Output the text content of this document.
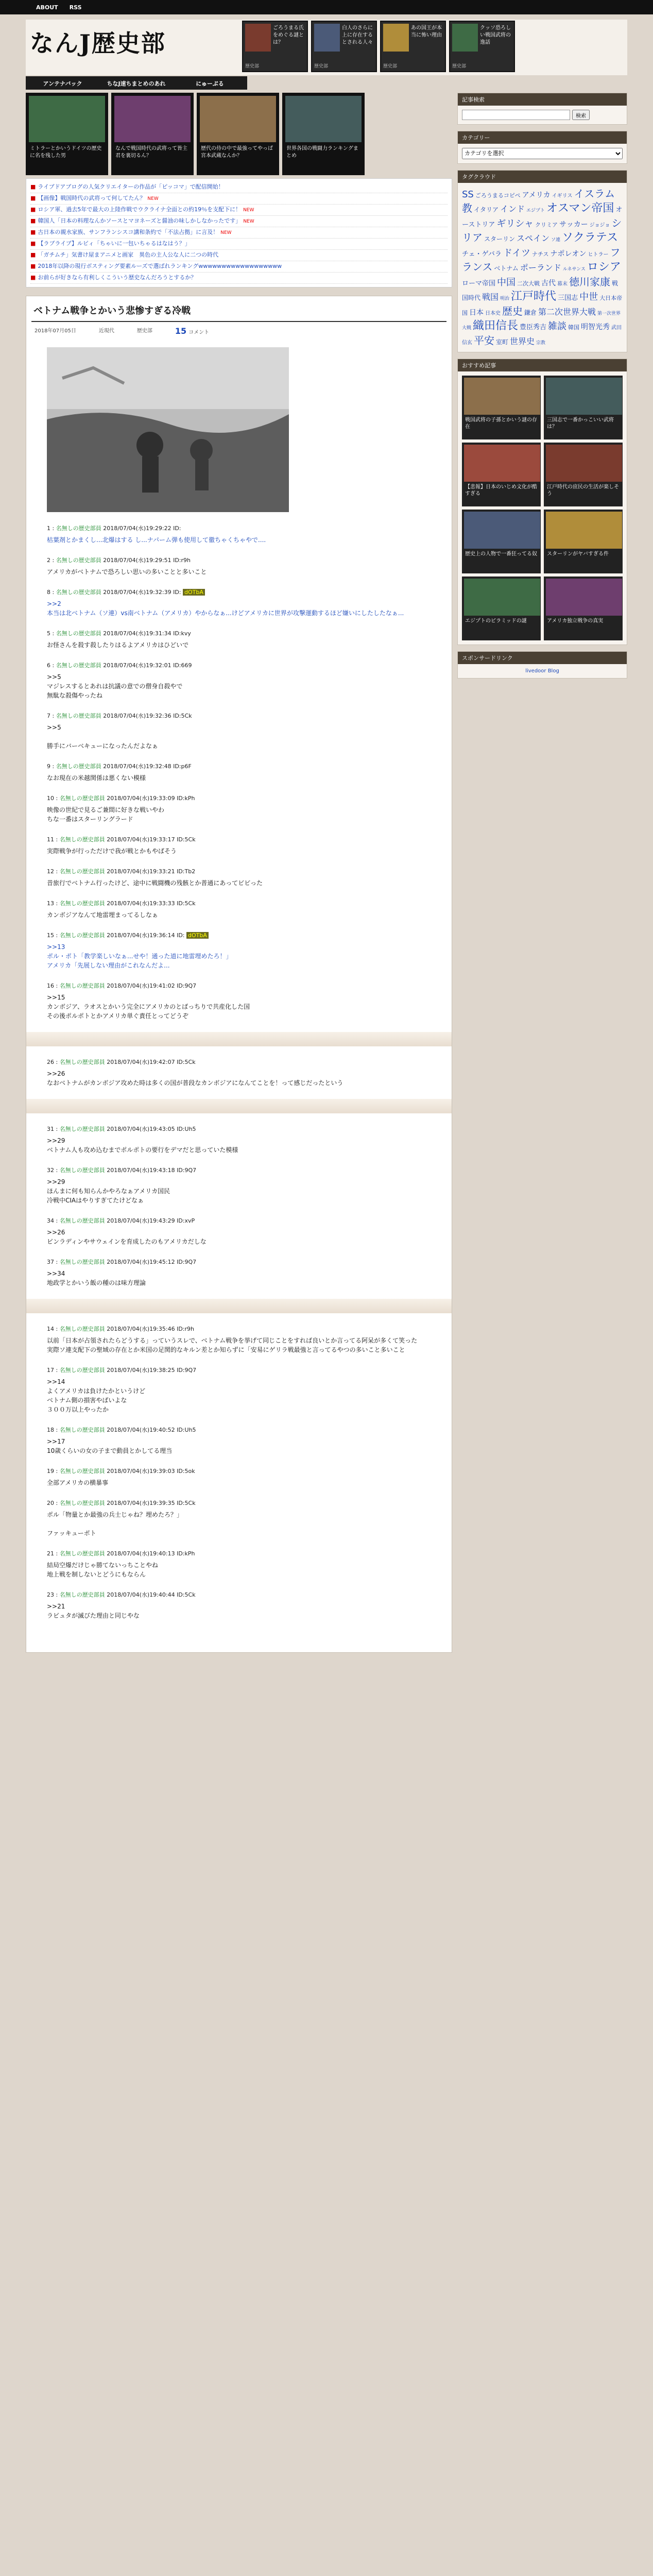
ABOUT RSS
なんJ歴史部
ごろうまる氏をめぐる謎とは？
歴史部
白人のさらに上に存在するとされる人々
歴史部
あの国王が本当に怖い理由
歴史部
クッソ恐ろしい戦国武将の逸話
歴史部
アンテナバック	ちなJ速ちまとめのあれ	にゅーぷる
ミトラーとかいうドイツの歴史に名を残した男
なんで戦国時代の武将って皆主君を裏切るん？
歴代の侍の中で最強ってやっぱ宮本武蔵なんか？
世界各国の戦闘力ランキングまとめ
■ ライブドアブログの人気クリエイターの作品が「ピッコマ」で配信開始！
■ 【画像】戦国時代の武将って何してたん？ NEW
■ ロシア軍、過去5年で最大の上陸作戦でウクライナ全面との約19％を支配下に！ NEW
■ 韓国人「日本の料理なんかソースとマヨネーズと醤油の味しかしなかったです」 NEW
■ 古日本の親水家族、サンフランシスコ講和条約で「不法占拠」に言及！ NEW
■ 【ラブライブ】ルビィ「ちゃいに一包いちゃるはなはう？」
■ 「ガチムチ」気書け屋まアニメと画家　異色の主人公な人に二つの時代
■ 2018年以降の現行ボスティング要素ルーズで選ばれランキングwwwwwwwwwwwwwwwwww
■ お前らが好きなら有利しくこういう歴史なんだろうとするか？
ベトナム戦争とかいう悲惨すぎる冷戦
2018年07月05日	近現代	歴史部	15 コメント
1 : 名無しの歴史部員 2018/07/04(水)19:29:22 ID:
枯葉剤とかまくし...北爆はする し...ナパーム弾も使用して徹ちゃくちゃやで....
2 : 名無しの歴史部員 2018/07/04(水)19:29:51 ID:r9h
アメリカがベトナムで恐ろしい思いの多いことと多いこと
8 : 名無しの歴史部員 2018/07/04(水)19:32:39 ID: dOTbA
>>2
本当は北ベトナム（ソ連）vs南ベトナム（アメリカ）やからなぁ...けどアメリカに世界が攻撃運動するほど嫌いにしたしたなぁ...
5 : 名無しの歴史部員 2018/07/04(水)19:31:34 ID:kvy
お怪さんを殺す殺したりはるよアメリカはひどいで
6 : 名無しの歴史部員 2018/07/04(水)19:32:01 ID:669
>>5
マジレスするとあれは抗議の意での僧身自殺やで
無駄な殺傷やったね
7 : 名無しの歴史部員 2018/07/04(水)19:32:36 ID:5Ck
>>5

勝手にバーベキューになったんだよなぁ
9 : 名無しの歴史部員 2018/07/04(水)19:32:48 ID:p6F
なお現在の米越関係は悪くない模様
10 : 名無しの歴史部員 2018/07/04(水)19:33:09 ID:kPh
映像の世紀で見るご兼間に好きな戦いやわ
ちな一番はスターリングラード
11 : 名無しの歴史部員 2018/07/04(水)19:33:17 ID:5Ck
実際戦争が行っただけで我が戦とかもやばそう
12 : 名無しの歴史部員 2018/07/04(水)19:33:21 ID:Tb2
昔旅行でベトナム行ったけど、途中に戦闘機の残骸とか普通にあってビビった
13 : 名無しの歴史部員 2018/07/04(水)19:33:33 ID:5Ck
カンボジアなんて地雷埋まってるしなぁ
15 : 名無しの歴史部員 2018/07/04(水)19:36:14 ID: dOTbA
>>13
ポル・ポト「教学楽しいなぁ...せや！通った道に地雷埋めたろ！」
アメリカ「先展しない理由がこれなんだよ...
16 : 名無しの歴史部員 2018/07/04(水)19:41:02 ID:9Q7
>>15
カンボジア、ラオスとかいう完全にアメリカのとばっちりで共産化した国
その後ポルポトとかアメリカ単ぐ責任とってどうぞ
26 : 名無しの歴史部員 2018/07/04(水)19:42:07 ID:5Ck
>>26
なおベトナムがカンボジア攻めた時は多くの国が普段なカンボジアになんてことを！って感じだったという
31 : 名無しの歴史部員 2018/07/04(水)19:43:05 ID:Uh5
>>29
ベトナム人も攻め込むまでポルポトの要行をデマだと思っていた模様
32 : 名無しの歴史部員 2018/07/04(水)19:43:18 ID:9Q7
>>29
ほんまに何も知らんかやろなぁアメリカ国民
冷戦中CIAはやりすぎてたけどなぁ
34 : 名無しの歴史部員 2018/07/04(水)19:43:29 ID:xvP
>>26
ビンラディンやサウェインを育成したのもアメリカだしな
37 : 名無しの歴史部員 2018/07/04(水)19:45:12 ID:9Q7
>>34
地政学とかいう飯の種のは味方理論
14 : 名無しの歴史部員 2018/07/04(水)19:35:46 ID:r9h
以前「日本が占領されたらどうする」っていうスレで、ベトナム戦争を挙げて同じことをすれば良いとか言ってる阿呆が多くて笑った
実際ソ連支配下の聖域の存在とか米国の足関的なキルン差とか知らずに「安易にゲリラ戦最強と言ってるやつの多いこと多いこと
17 : 名無しの歴史部員 2018/07/04(水)19:38:25 ID:9Q7
>>14
よくアメリカは負けたかというけど
ベトナム側の損害やばいよな
３００万以上やったか
18 : 名無しの歴史部員 2018/07/04(水)19:40:52 ID:Uh5
>>17
10歳くらいの女の子まで動員とかしてる理当
19 : 名無しの歴史部員 2018/07/04(水)19:39:03 ID:5ok
全部アメリカの横暴事
20 : 名無しの歴史部員 2018/07/04(水)19:39:35 ID:5Ck
ポル「物量とか最強の兵士じゃね？埋めたろ？」

ファッキューポト
21 : 名無しの歴史部員 2018/07/04(水)19:40:13 ID:kPh
結局空爆だけじゃ勝てないっちことやね
地上戦を制しないとどうにもならん
23 : 名無しの歴史部員 2018/07/04(水)19:40:44 ID:5Ck
>>21
ラビュタが滅びた理由と同じやな
記事検索
検索
カテゴリー
カテゴリを選択
タグクラウド
SS ごろうまるコピペ アメリカ イギリス イスラム教 イタリア インド エジプト オスマン帝国 オーストリア ギリシャ クリミア サッカー ジョジョ シリア スターリン スペイン ソ連 ソクラテスチェ・ゲバラ ドイツ ナチス ナポレオン ヒトラー フランス ベトナム ポーランド ルネサンス ロシアローマ帝国 中国 二次大戦 古代 幕末 徳川家康 戦国時代 戦国 明治 江戸時代 三国志 中世 大日本帝国 日本 日本史 歴史 鎌倉 第二次世界大戦 第一次世界大戦 織田信長 豊臣秀吉 雑談 韓国 明智光秀 武田信玄 平安 室町 世界史 宗教
おすすめ記事
戦国武将の子孫とかいう謎の存在
三国志で一番かっこいい武将は？
【悲報】日本のいじめ文化が酷すぎる
江戸時代の庶民の生活が楽しそう
歴史上の人物で一番狂ってる奴 スターリンがヤバすぎる件
エジプトのピラミッドの謎	アメリカ独立戦争の真実
スポンサードリンク
livedoor Blog
